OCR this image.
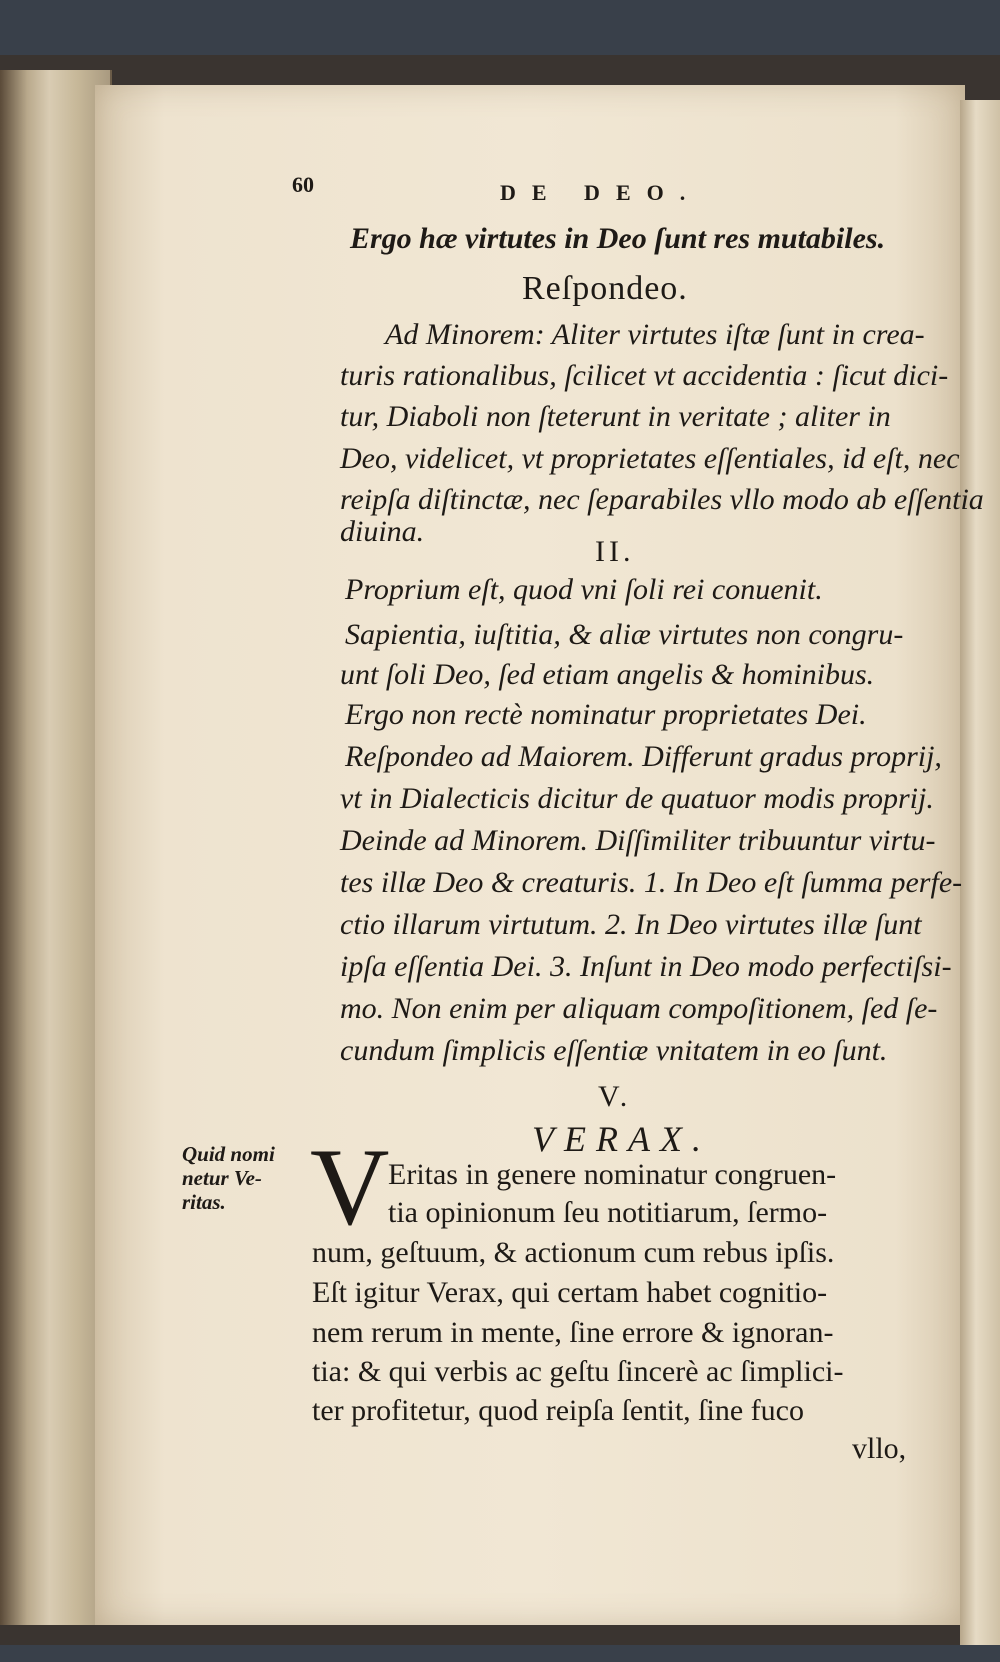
60	DE DEO.
Ergo hæ virtutes in Deo ſunt res mutabiles.
Reſpondeo.
Ad Minorem: Aliter virtutes iſtæ ſunt in crea-
turis rationalibus, ſcilicet vt accidentia : ſicut dici-
tur, Diaboli non ſteterunt in veritate ; aliter in
Deo, videlicet, vt proprietates eſſentiales, id eſt, nec
reipſa diſtinctæ, nec ſeparabiles vllo modo ab eſſentia
diuina.
II.
Proprium eſt, quod vni ſoli rei conuenit.
Sapientia, iuſtitia, & aliæ virtutes non congru-
unt ſoli Deo, ſed etiam angelis & hominibus.
Ergo non rectè nominatur proprietates Dei.
Reſpondeo ad Maiorem. Differunt gradus proprij,
vt in Dialecticis dicitur de quatuor modis proprij.
Deinde ad Minorem. Diſſimiliter tribuuntur virtu-
tes illæ Deo & creaturis. 1. In Deo eſt ſumma perfe-
ctio illarum virtutum. 2. In Deo virtutes illæ ſunt
ipſa eſſentia Dei. 3. Inſunt in Deo modo perfectiſsi-
mo. Non enim per aliquam compoſitionem, ſed ſe-
cundum ſimplicis eſſentiæ vnitatem in eo ſunt.
V.
VERAX.
Quid nomi
netur Ve-
ritas. V
Eritas in genere nominatur congruen-
tia opinionum ſeu notitiarum, ſermo-
num, geſtuum, & actionum cum rebus ipſis.
Eſt igitur Verax, qui certam habet cognitio-
nem rerum in mente, ſine errore & ignoran-
tia: & qui verbis ac geſtu ſincerè ac ſimplici-
ter profitetur, quod reipſa ſentit, ſine fuco
vllo,
